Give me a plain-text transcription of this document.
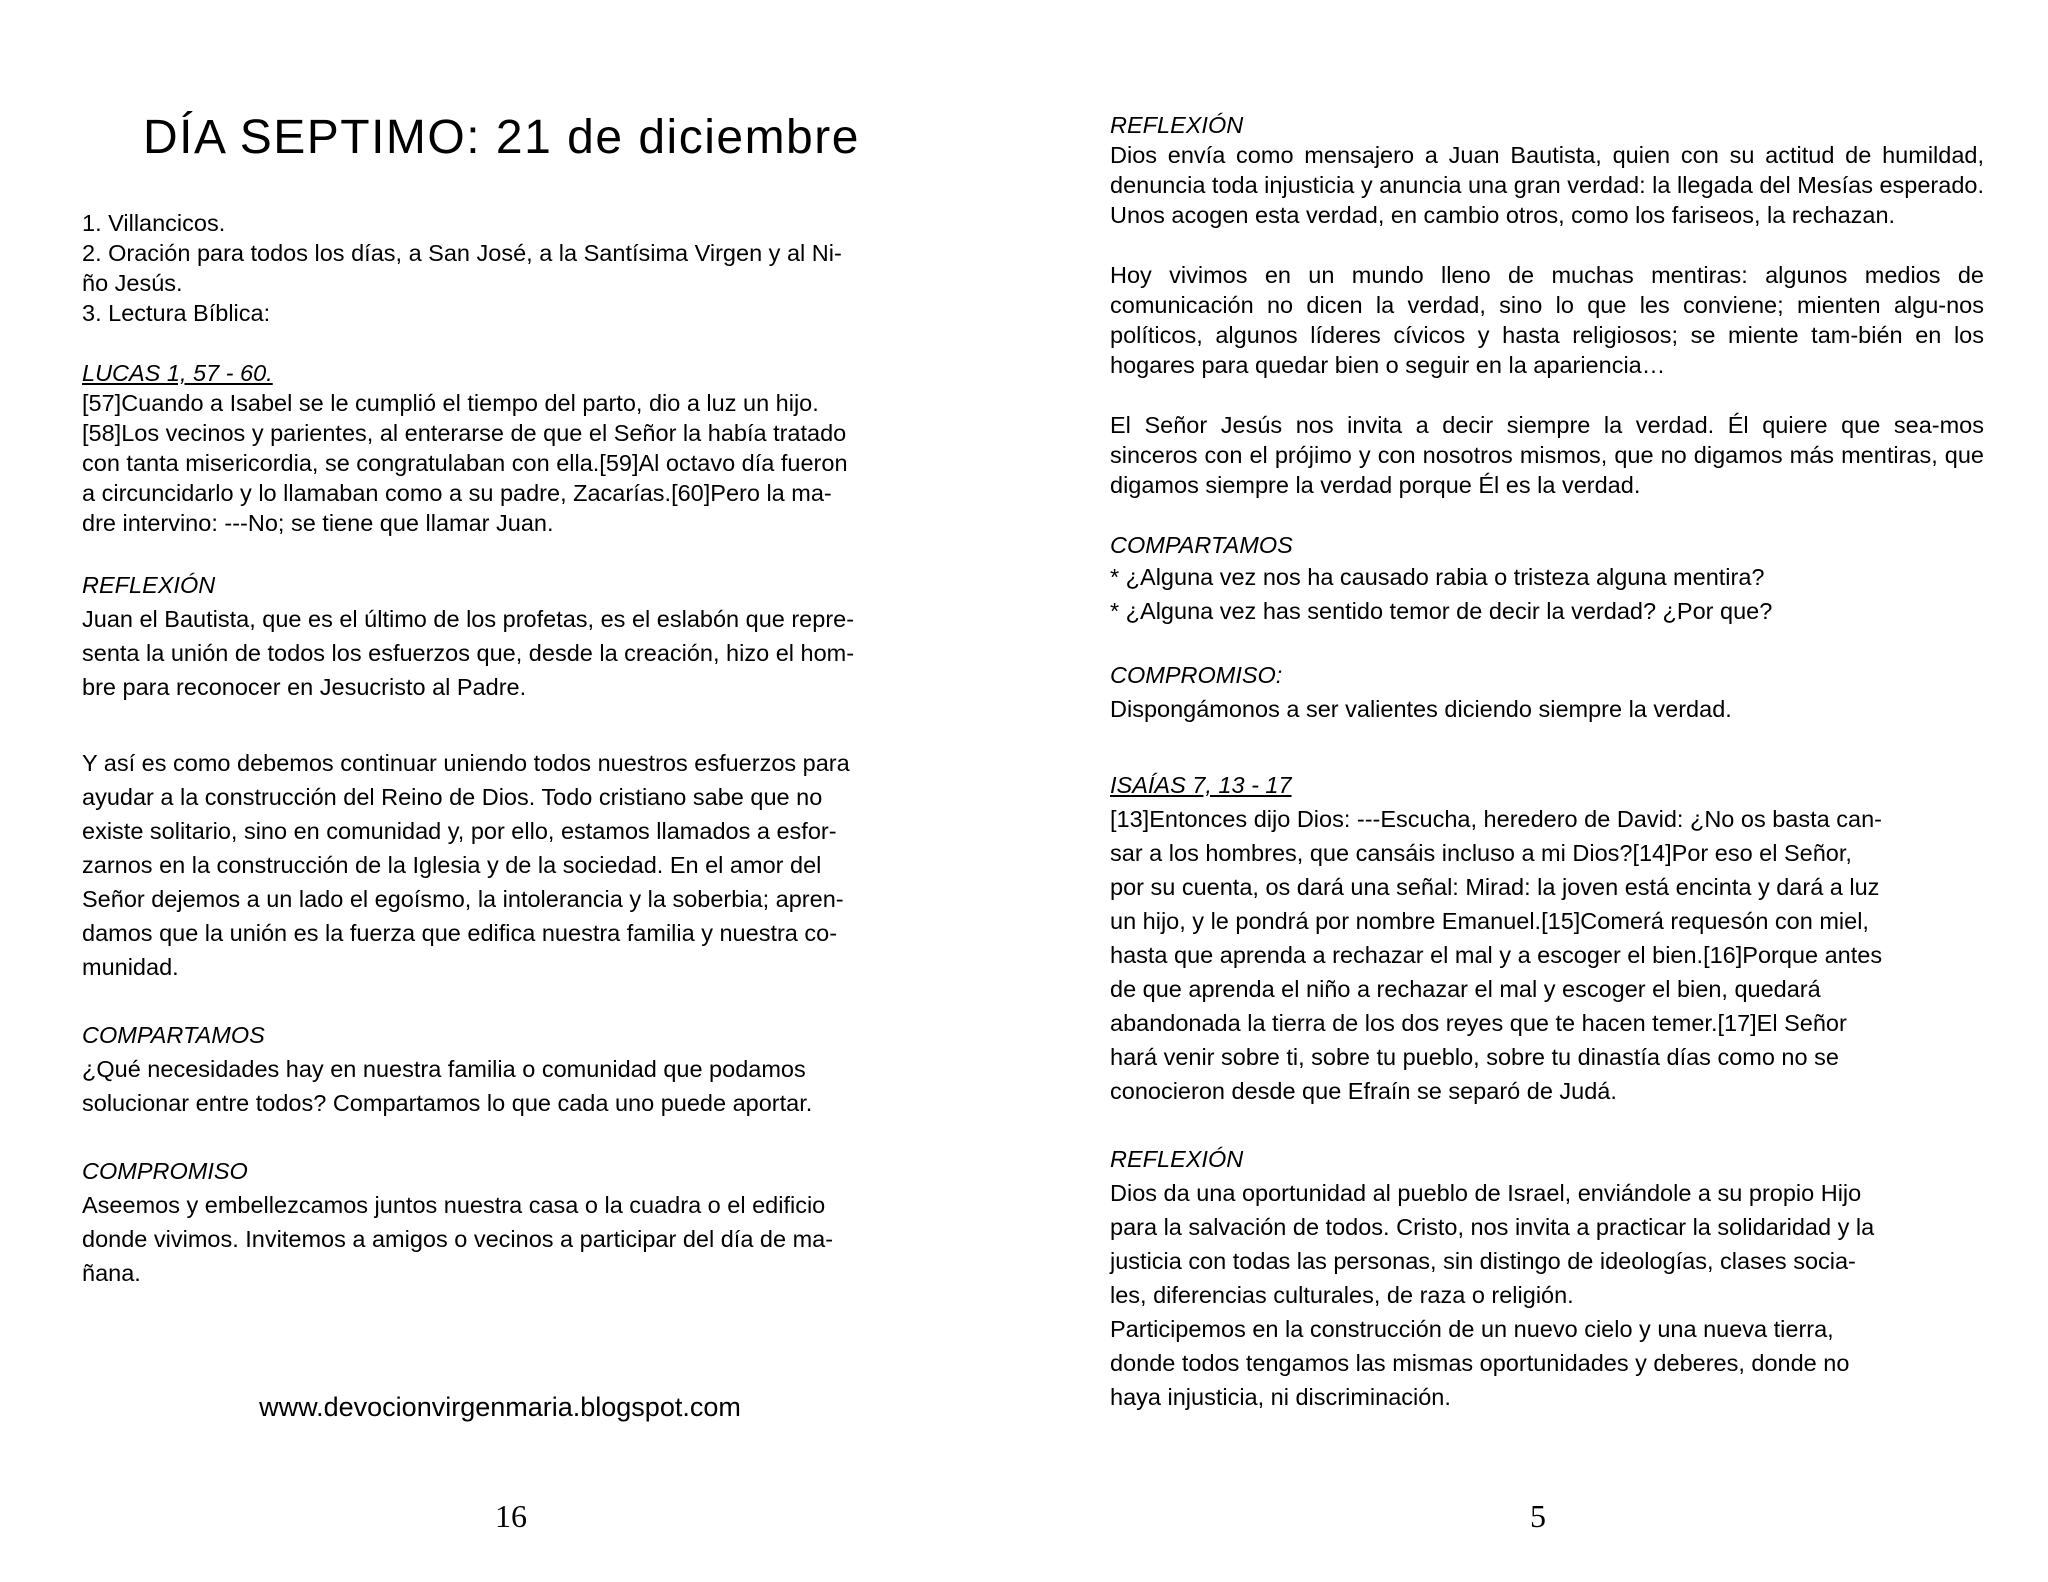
DÍA SEPTIMO: 21 de diciembre

1. Villancicos.
2. Oración para todos los días, a San José, a la Santísima Virgen y al Ni-
ño Jesús.
3. Lectura Bíblica:

LUCAS 1, 57 - 60.

[57]Cuando a Isabel se le cumplió el tiempo del parto, dio a luz un hijo.
[58]Los vecinos y parientes, al enterarse de que el Señor la había tratado
con tanta misericordia, se congratulaban con ella.[59]Al octavo día fueron
a circuncidarlo y lo llamaban como a su padre, Zacarías.[60]Pero la ma-
dre intervino: ---No; se tiene que llamar Juan.

REFLEXIÓN

Juan el Bautista, que es el último de los profetas, es el eslabón que repre-
senta la unión de todos los esfuerzos que, desde la creación, hizo el hom-
bre para reconocer en Jesucristo al Padre.

Y así es como debemos continuar uniendo todos nuestros esfuerzos para
ayudar a la construcción del Reino de Dios. Todo cristiano sabe que no
existe solitario, sino en comunidad y, por ello, estamos llamados a esfor-
zarnos en la construcción de la Iglesia y de la sociedad. En el amor del
Señor dejemos a un lado el egoísmo, la intolerancia y la soberbia; apren-
damos que la unión es la fuerza que edifica nuestra familia y nuestra co-
munidad.

COMPARTAMOS

¿Qué necesidades hay en nuestra familia o comunidad que podamos
solucionar entre todos? Compartamos lo que cada uno puede aportar.

COMPROMISO

Aseemos y embellezcamos juntos nuestra casa o la cuadra o el edificio
donde vivimos. Invitemos a amigos o vecinos a participar del día de ma-
ñana.

www.devocionvirgenmaria.blogspot.com
16

REFLEXIÓN

Dios envía como mensajero a Juan Bautista, quien con su actitud de humildad, denuncia toda injusticia y anuncia una gran verdad: la llegada del Mesías esperado. Unos acogen esta verdad, en cambio otros, como los fariseos, la rechazan.

Hoy vivimos en un mundo lleno de muchas mentiras: algunos medios de comunicación no dicen la verdad, sino lo que les conviene; mienten algu-nos políticos, algunos líderes cívicos y hasta religiosos; se miente tam-bién en los hogares para quedar bien o seguir en la apariencia…

El Señor Jesús nos invita a decir siempre la verdad. Él quiere que sea-mos sinceros con el prójimo y con nosotros mismos, que no digamos más mentiras, que digamos siempre la verdad porque Él es la verdad.

COMPARTAMOS

* ¿Alguna vez nos ha causado rabia o tristeza alguna mentira?

* ¿Alguna vez has sentido temor de decir la verdad? ¿Por que?

COMPROMISO:

Dispongámonos a ser valientes diciendo siempre la verdad.

ISAÍAS 7, 13 - 17

[13]Entonces dijo Dios: ---Escucha, heredero de David: ¿No os basta can-
sar a los hombres, que cansáis incluso a mi Dios?[14]Por eso el Señor,
por su cuenta, os dará una señal: Mirad: la joven está encinta y dará a luz
un hijo, y le pondrá por nombre Emanuel.[15]Comerá requesón con miel,
hasta que aprenda a rechazar el mal y a escoger el bien.[16]Porque antes
de que aprenda el niño a rechazar el mal y escoger el bien, quedará
abandonada la tierra de los dos reyes que te hacen temer.[17]El Señor
hará venir sobre ti, sobre tu pueblo, sobre tu dinastía días como no se
conocieron desde que Efraín se separó de Judá.

REFLEXIÓN

Dios da una oportunidad al pueblo de Israel, enviándole a su propio Hijo
para la salvación de todos. Cristo, nos invita a practicar la solidaridad y la
justicia con todas las personas, sin distingo de ideologías, clases socia-
les, diferencias culturales, de raza o religión.
Participemos en la construcción de un nuevo cielo y una nueva tierra,
donde todos tengamos las mismas oportunidades y deberes, donde no
haya injusticia, ni discriminación.

5
